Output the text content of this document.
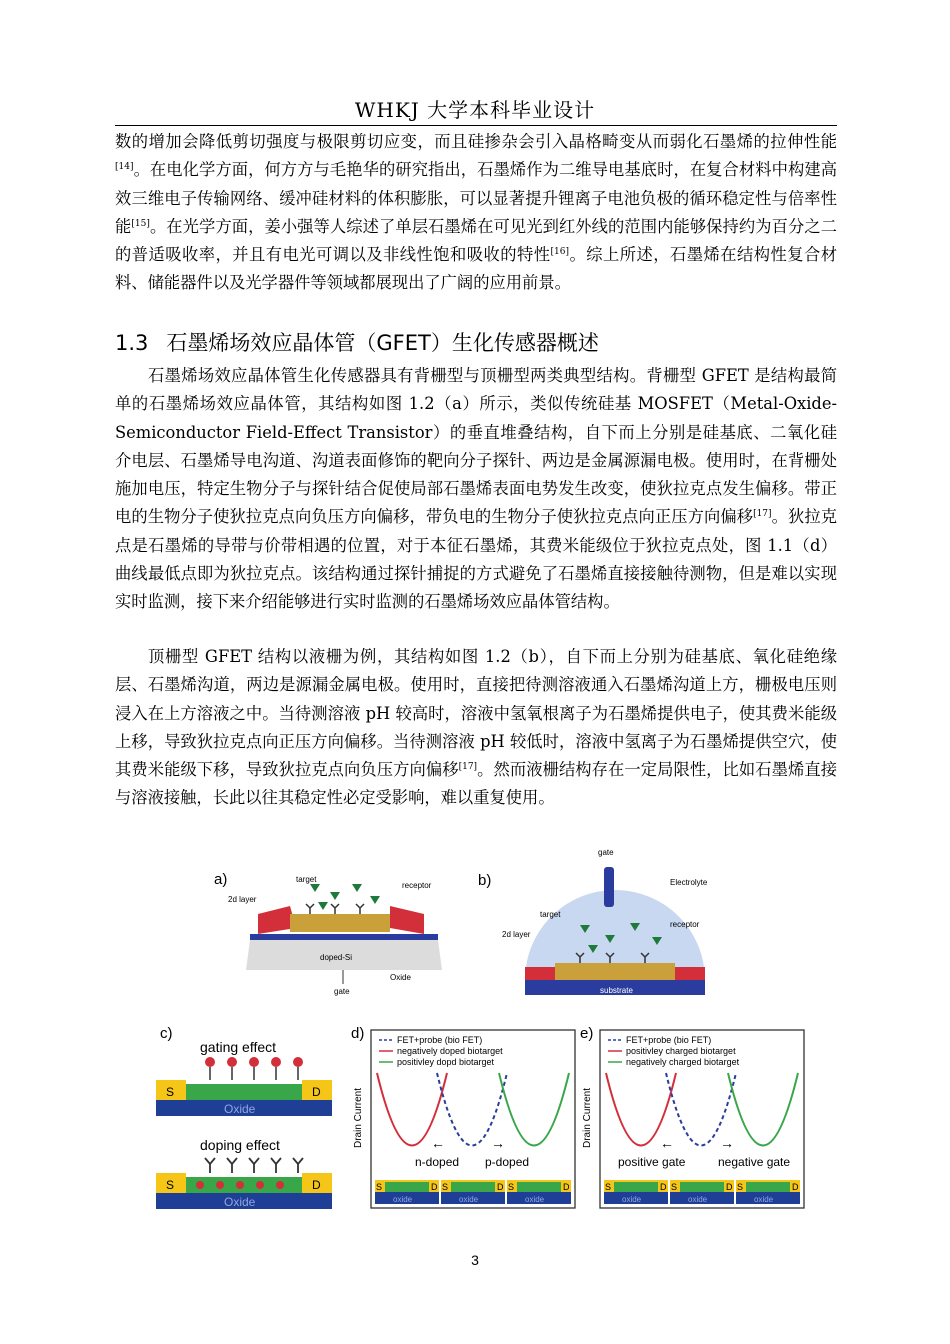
WHKJ 大学本科毕业设计

数的增加会降低剪切强度与极限剪切应变，而且硅掺杂会引入晶格畸变从而弱化石墨烯的拉伸性能[14]。在电化学方面，何方方与毛艳华的研究指出，石墨烯作为二维导电基底时，在复合材料中构建高效三维电子传输网络、缓冲硅材料的体积膨胀，可以显著提升锂离子电池负极的循环稳定性与倍率性能[15]。在光学方面，姜小强等人综述了单层石墨烯在可见光到红外线的范围内能够保持约为百分之二的普适吸收率，并且有电光可调以及非线性饱和吸收的特性[16]。综上所述，石墨烯在结构性复合材料、储能器件以及光学器件等领域都展现出了广阔的应用前景。

1.3 石墨烯场效应晶体管（GFET）生化传感器概述

石墨烯场效应晶体管生化传感器具有背栅型与顶栅型两类典型结构。背栅型 GFET 是结构最简单的石墨烯场效应晶体管，其结构如图 1.2（a）所示，类似传统硅基 MOSFET（Metal-Oxide-Semiconductor Field-Effect Transistor）的垂直堆叠结构，自下而上分别是硅基底、二氧化硅介电层、石墨烯导电沟道、沟道表面修饰的靶向分子探针、两边是金属源漏电极。使用时，在背栅处施加电压，特定生物分子与探针结合促使局部石墨烯表面电势发生改变，使狄拉克点发生偏移。带正电的生物分子使狄拉克点向负压方向偏移，带负电的生物分子使狄拉克点向正压方向偏移[17]。狄拉克点是石墨烯的导带与价带相遇的位置，对于本征石墨烯，其费米能级位于狄拉克点处，图 1.1（d）曲线最低点即为狄拉克点。该结构通过探针捕捉的方式避免了石墨烯直接接触待测物，但是难以实现实时监测，接下来介绍能够进行实时监测的石墨烯场效应晶体管结构。

顶栅型 GFET 结构以液栅为例，其结构如图 1.2（b），自下而上分别为硅基底、氧化硅绝缘层、石墨烯沟道，两边是源漏金属电极。使用时，直接把待测溶液通入石墨烯沟道上方，栅极电压则浸入在上方溶液之中。当待测溶液 pH 较高时，溶液中氢氧根离子为石墨烯提供电子，使其费米能级上移，导致狄拉克点向正压方向偏移。当待测溶液 pH 较低时，溶液中氢离子为石墨烯提供空穴，使其费米能级下移，导致狄拉克点向负压方向偏移[17]。然而液栅结构存在一定局限性，比如石墨烯直接与溶液接触，长此以往其稳定性必定受影响，难以重复使用。

a)	target
receptor
2d layer
doped-Si
Oxide
gate
b)
gate
Electrolyte
target
receptor
2d layer
substrate
c)
gating effect
S	D
Oxide
doping effect
S	D
Oxide
d)
Drain Current
FET+probe (bio FET)
negatively doped biotarget
positivley dopd biotarget
←	→
n-doped p-doped
S	D S	D S	D
oxide	oxide	oxide
e)
Drain Current
FET+probe (bio FET)
positivley charged biotarget
negatively charged biotarget
←	→
positive gate	negative gate
S	D S	D S	D
oxide	oxide	oxide
3
